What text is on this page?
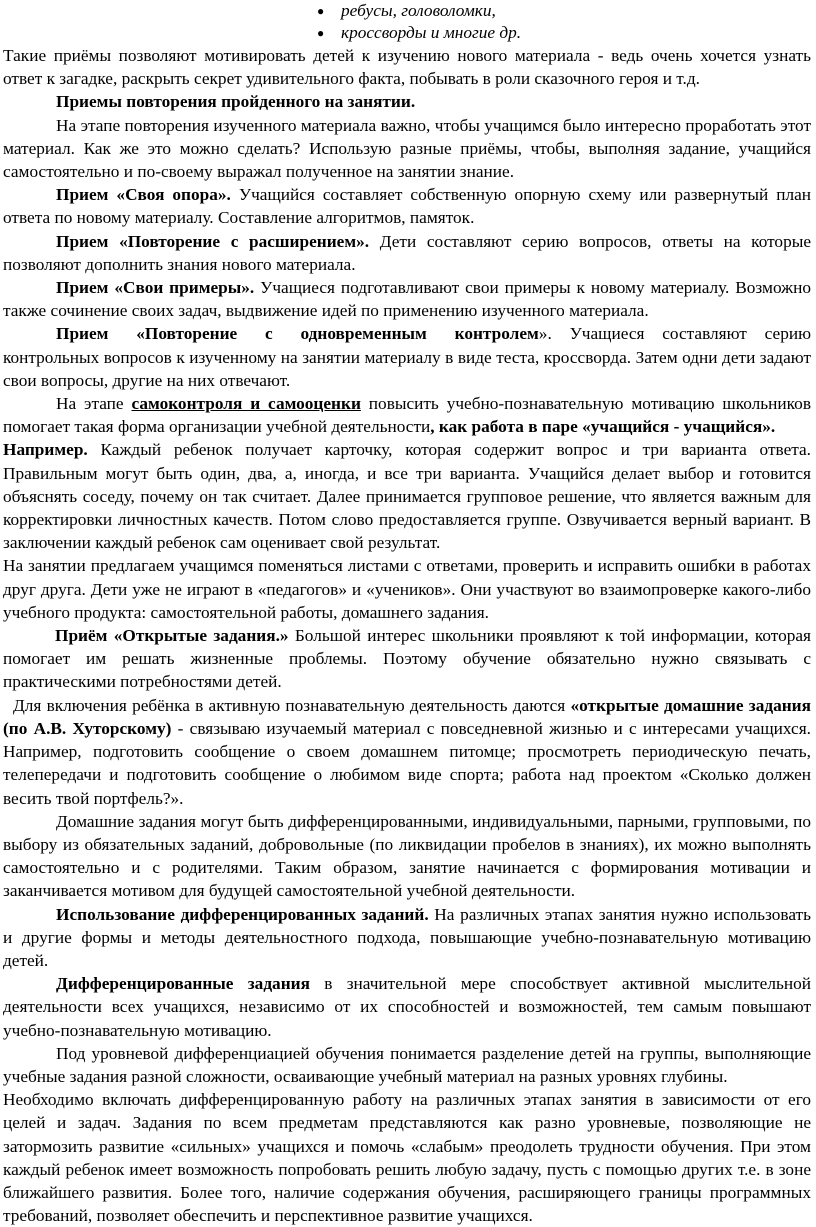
● ребусы, головоломки,
● кроссворды и многие др.

Такие приёмы позволяют мотивировать детей к изучению нового материала - ведь очень хочется узнать ответ к загадке, раскрыть секрет удивительного факта, побывать в роли сказочного героя и т.д.

Приемы повторения пройденного на занятии.

На этапе повторения изученного материала важно, чтобы учащимся было интересно проработать этот материал. Как же это можно сделать? Использую разные приёмы, чтобы, выполняя задание, учащийся самостоятельно и по-своему выражал полученное на занятии знание.

Прием «Своя опора». Учащийся составляет собственную опорную схему или развернутый план ответа по новому материалу. Составление алгоритмов, памяток.

Прием «Повторение с расширением». Дети составляют серию вопросов, ответы на которые позволяют дополнить знания нового материала.

Прием «Свои примеры». Учащиеся подготавливают свои примеры к новому материалу. Возможно также сочинение своих задач, выдвижение идей по применению изученного материала.

Прием «Повторение с одновременным контролем». Учащиеся составляют серию контрольных вопросов к изученному на занятии материалу в виде теста, кроссворда. Затем одни дети задают свои вопросы, другие на них отвечают.

На этапе самоконтроля и самооценки повысить учебно-познавательную мотивацию школьников помогает такая форма организации учебной деятельности, как работа в паре «учащийся - учащийся».

Например. Каждый ребенок получает карточку, которая содержит вопрос и три варианта ответа. Правильным могут быть один, два, а, иногда, и все три варианта. Учащийся делает выбор и готовится объяснять соседу, почему он так считает. Далее принимается групповое решение, что является важным для корректировки личностных качеств. Потом слово предоставляется группе. Озвучивается верный вариант. В заключении каждый ребенок сам оценивает свой результат.

На занятии предлагаем учащимся поменяться листами с ответами, проверить и исправить ошибки в работах друг друга. Дети уже не играют в «педагогов» и «учеников». Они участвуют во взаимопроверке какого-либо учебного продукта: самостоятельной работы, домашнего задания.

Приём «Открытые задания.» Большой интерес школьники проявляют к той информации, которая помогает им решать жизненные проблемы. Поэтому обучение обязательно нужно связывать с практическими потребностями детей.

Для включения ребёнка в активную познавательную деятельность даются «открытые домашние задания (по А.В. Хуторскому) - связываю изучаемый материал с повседневной жизнью и с интересами учащихся. Например, подготовить сообщение о своем домашнем питомце; просмотреть периодическую печать, телепередачи и подготовить сообщение о любимом виде спорта; работа над проектом «Сколько должен весить твой портфель?».

Домашние задания могут быть дифференцированными, индивидуальными, парными, групповыми, по выбору из обязательных заданий, добровольные (по ликвидации пробелов в знаниях), их можно выполнять самостоятельно и с родителями. Таким образом, занятие начинается с формирования мотивации и заканчивается мотивом для будущей самостоятельной учебной деятельности.

Использование дифференцированных заданий. На различных этапах занятия нужно использовать и другие формы и методы деятельностного подхода, повышающие учебно-познавательную мотивацию детей.

Дифференцированные задания в значительной мере способствует активной мыслительной деятельности всех учащихся, независимо от их способностей и возможностей, тем самым повышают учебно-познавательную мотивацию.

Под уровневой дифференциацией обучения понимается разделение детей на группы, выполняющие учебные задания разной сложности, осваивающие учебный материал на разных уровнях глубины.

Необходимо включать дифференцированную работу на различных этапах занятия в зависимости от его целей и задач. Задания по всем предметам представляются как разно уровневые, позволяющие не затормозить развитие «сильных» учащихся и помочь «слабым» преодолеть трудности обучения. При этом каждый ребенок имеет возможность попробовать решить любую задачу, пусть с помощью других т.е. в зоне ближайшего развития. Более того, наличие содержания обучения, расширяющего границы программных требований, позволяет обеспечить и перспективное развитие учащихся.
